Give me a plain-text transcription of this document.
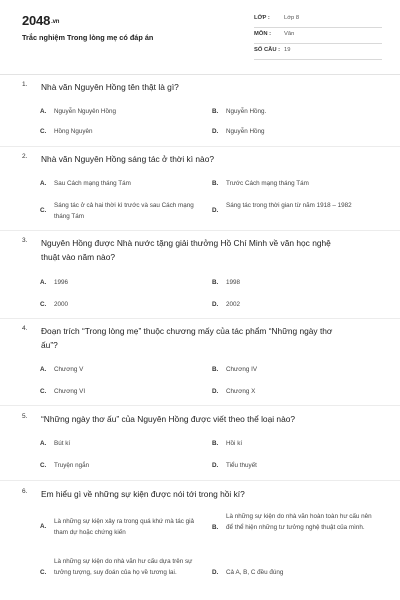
2048.vn
Trắc nghiệm Trong lòng mẹ có đáp án
LỚP : Lớp 8
MÔN : Văn
SỐ CÂU : 19
1. Nhà văn Nguyên Hồng tên thật là gì?
A. Nguyễn Nguyên Hồng	B. Nguyễn Hồng.
C. Hồng Nguyên	D. Nguyễn Hồng
2. Nhà văn Nguyên Hồng sáng tác ở thời kì nào?
A. Sau Cách mạng tháng Tám	B. Trước Cách mạng tháng Tám
C.
Sáng tác ở cả hai thời kì trước và sau Cách mạng tháng Tám
D.
Sáng tác trong thời gian từ năm 1918 – 1982
3. Nguyên Hồng được Nhà nước tặng giải thưởng Hồ Chí Minh về văn học nghệ thuật vào năm nào?
A. 1996	B. 1998
C. 2000	D. 2002
4. Đoạn trích “Trong lòng mẹ” thuộc chương mấy của tác phẩm “Những ngày thơ ấu”?
A. Chương V	B. Chương IV
C. Chương VI	D. Chương X
5. “Những ngày thơ ấu” của Nguyên Hồng được viết theo thể loại nào?
A. Bút kí	B. Hồi kí
C. Truyện ngắn	D. Tiểu thuyết
6. Em hiểu gì về những sự kiện được nói tới trong hồi kí?
A.
Là những sự kiện xảy ra trong quá khứ mà tác giả tham dự hoặc chứng kiến
B.
Là những sự kiện do nhà văn hoàn toàn hư cấu nên để thể hiện những tư tưởng nghệ thuật của mình.
C.
Là những sự kiện do nhà văn hư cấu dựa trên sự tưởng tượng, suy đoán của họ về tương lai.	D. Cả A, B, C đều đúng
